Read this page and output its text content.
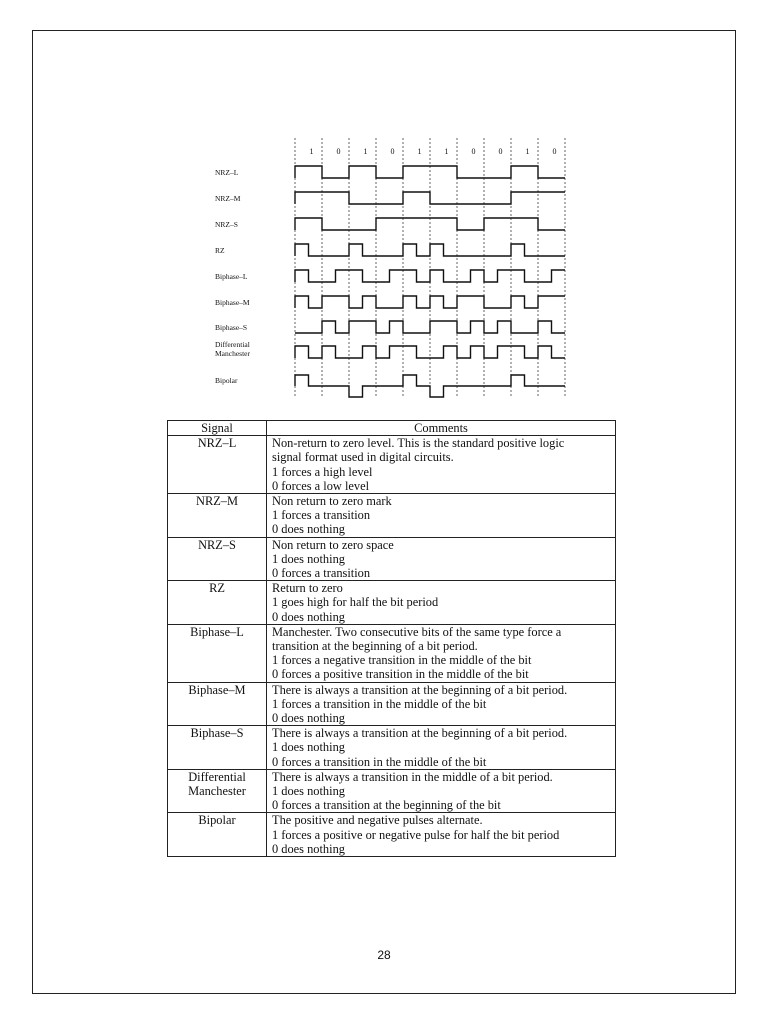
1	0	1	0	1	1	0	0	1	0
NRZ–L
NRZ–M
NRZ–S
RZ
Biphase–L
Biphase–M
Biphase–S
Differential
Manchester
Bipolar
Signal	Comments

NRZ–L	Non-return to zero level. This is the standard positive logic
signal format used in digital circuits.
1 forces a high level
0 forces a low level

NRZ–M	Non return to zero mark
1 forces a transition
0 does nothing

NRZ–S	Non return to zero space
1 does nothing
0 forces a transition

RZ	Return to zero
1 goes high for half the bit period
0 does nothing

Biphase–L	Manchester. Two consecutive bits of the same type force a
transition at the beginning of a bit period.
1 forces a negative transition in the middle of the bit
0 forces a positive transition in the middle of the bit

Biphase–M	There is always a transition at the beginning of a bit period.
1 forces a transition in the middle of the bit
0 does nothing

Biphase–S	There is always a transition at the beginning of a bit period.
1 does nothing
0 forces a transition in the middle of the bit

Differential
Manchester	There is always a transition in the middle of a bit period.
1 does nothing
0 forces a transition at the beginning of the bit

Bipolar	The positive and negative pulses alternate.
1 forces a positive or negative pulse for half the bit period
0 does nothing
28
